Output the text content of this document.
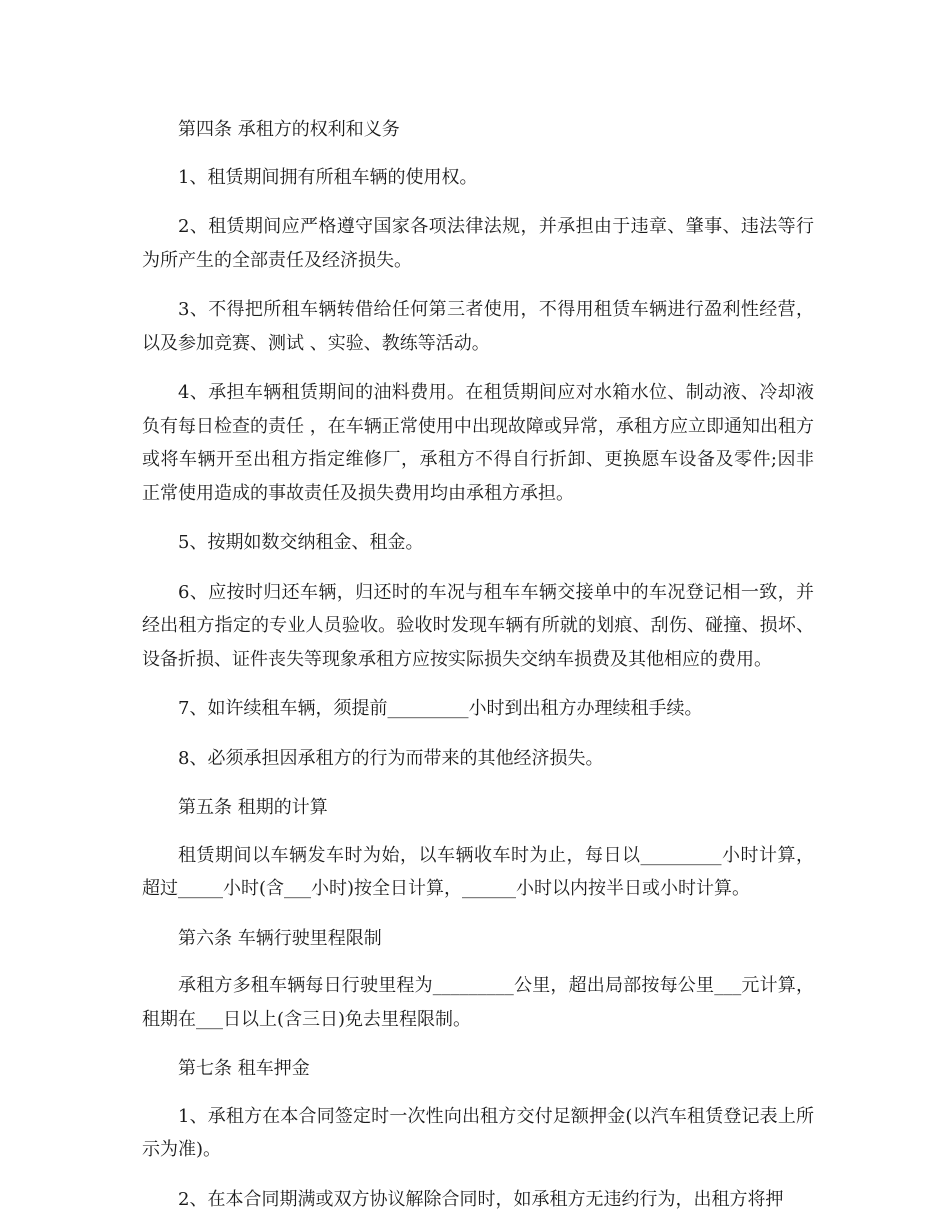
第四条 承租方的权利和义务

1、租赁期间拥有所租车辆的使用权。

2、租赁期间应严格遵守国家各项法律法规，并承担由于违章、肇事、违法等行为所产生的全部责任及经济损失。

3、不得把所租车辆转借给任何第三者使用，不得用租赁车辆进行盈利性经营，以及参加竞赛、测试 、实验、教练等活动。

4、承担车辆租赁期间的油料费用。在租赁期间应对水箱水位、制动液、冷却液负有每日检查的责任 ，在车辆正常使用中出现故障或异常，承租方应立即通知出租方或将车辆开至出租方指定维修厂，承租方不得自行折卸、更换愿车设备及零件;因非正常使用造成的事故责任及损失费用均由承租方承担。

5、按期如数交纳租金、租金。

6、应按时归还车辆，归还时的车况与租车车辆交接单中的车况登记相一致，并经出租方指定的专业人员验收。验收时发现车辆有所就的划痕、刮伤、碰撞、损坏、设备折损、证件丧失等现象承租方应按实际损失交纳车损费及其他相应的费用。

7、如许续租车辆，须提前_________小时到出租方办理续租手续。

8、必须承担因承租方的行为而带来的其他经济损失。

第五条 租期的计算

租赁期间以车辆发车时为始，以车辆收车时为止，每日以_________小时计算，超过_____小时(含___小时)按全日计算，______小时以内按半日或小时计算。

第六条 车辆行驶里程限制

承租方多租车辆每日行驶里程为_________公里，超出局部按每公里___元计算，租期在___日以上(含三日)免去里程限制。

第七条 租车押金

1、承租方在本合同签定时一次性向出租方交付足额押金(以汽车租赁登记表上所示为准)。

2、在本合同期满或双方协议解除合同时，如承租方无违约行为，出租方将押
